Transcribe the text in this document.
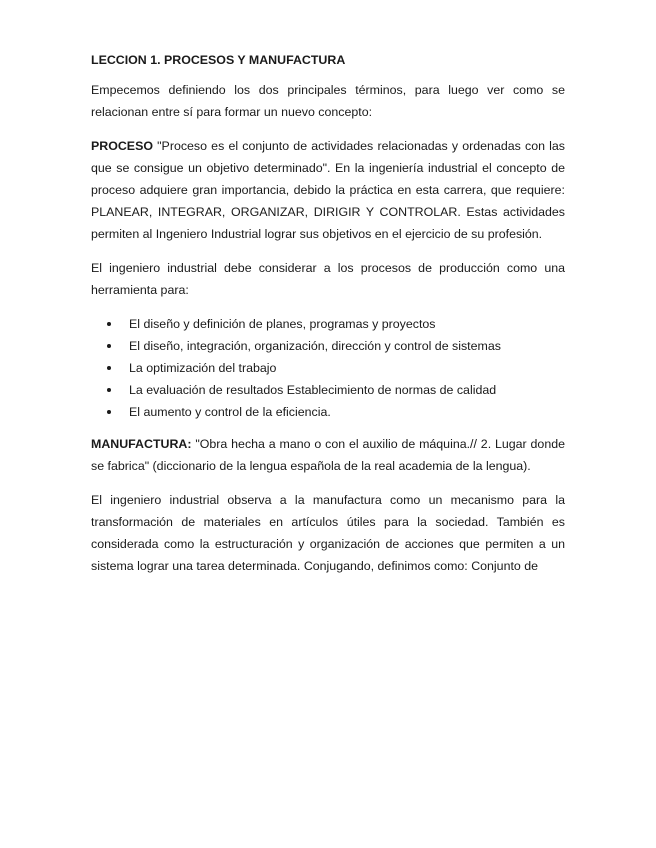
LECCION 1. PROCESOS Y MANUFACTURA

Empecemos definiendo los dos principales términos, para luego ver como se relacionan entre sí para formar un nuevo concepto:

PROCESO "Proceso es el conjunto de actividades relacionadas y ordenadas con las que se consigue un objetivo determinado". En la ingeniería industrial el concepto de proceso adquiere gran importancia, debido la práctica en esta carrera, que requiere: PLANEAR, INTEGRAR, ORGANIZAR, DIRIGIR Y CONTROLAR. Estas actividades permiten al Ingeniero Industrial lograr sus objetivos en el ejercicio de su profesión.

El ingeniero industrial debe considerar a los procesos de producción como una herramienta para:

El diseño y definición de planes, programas y proyectos
El diseño, integración, organización, dirección y control de sistemas
La optimización del trabajo
La evaluación de resultados Establecimiento de normas de calidad
El aumento y control de la eficiencia.

MANUFACTURA: "Obra hecha a mano o con el auxilio de máquina.// 2. Lugar donde se fabrica" (diccionario de la lengua española de la real academia de la lengua).

El ingeniero industrial observa a la manufactura como un mecanismo para la transformación de materiales en artículos útiles para la sociedad. También es considerada como la estructuración y organización de acciones que permiten a un sistema lograr una tarea determinada. Conjugando, definimos como: Conjunto de
